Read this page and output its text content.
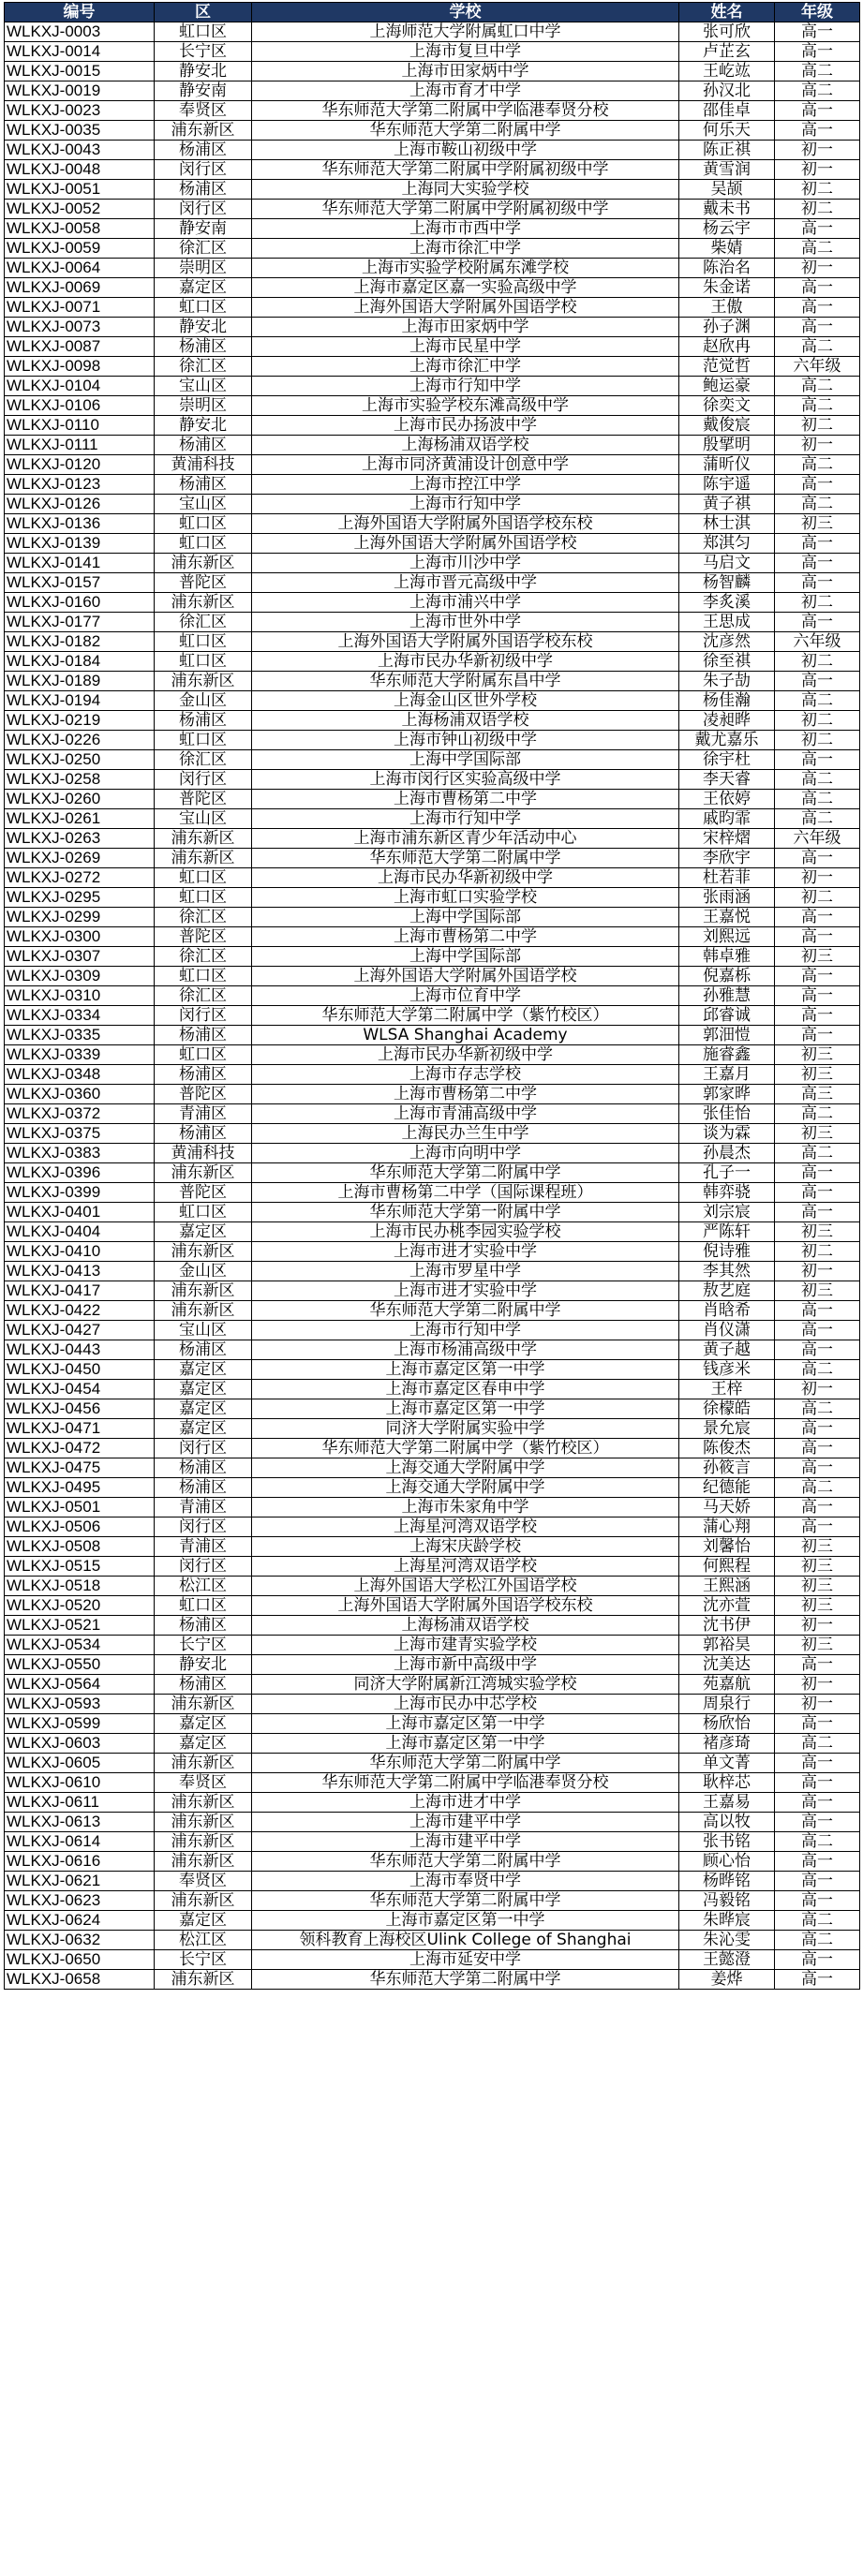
编号	区	学校	姓名	年级
WLKXJ-0003	虹口区	上海师范大学附属虹口中学	张可欣	高一
WLKXJ-0014	长宁区	上海市复旦中学	卢芷玄	高一
WLKXJ-0015	静安北	上海市田家炳中学	王屹竑	高二
WLKXJ-0019	静安南	上海市育才中学	孙汉北	高二
WLKXJ-0023	奉贤区	华东师范大学第二附属中学临港奉贤分校	邵佳卓	高一
WLKXJ-0035	浦东新区	华东师范大学第二附属中学	何乐天	高一
WLKXJ-0043	杨浦区	上海市鞍山初级中学	陈正祺	初一
WLKXJ-0048	闵行区	华东师范大学第二附属中学附属初级中学	黄雪润	初一
WLKXJ-0051	杨浦区	上海同大实验学校	吴颉	初二
WLKXJ-0052	闵行区	华东师范大学第二附属中学附属初级中学	戴未书	初二
WLKXJ-0058	静安南	上海市市西中学	杨云宇	高一
WLKXJ-0059	徐汇区	上海市徐汇中学	柴婧	高二
WLKXJ-0064	崇明区	上海市实验学校附属东滩学校	陈治名	初一
WLKXJ-0069	嘉定区	上海市嘉定区嘉一实验高级中学	朱金诺	高一
WLKXJ-0071	虹口区	上海外国语大学附属外国语学校	王傲	高一
WLKXJ-0073	静安北	上海市田家炳中学	孙子渊	高一
WLKXJ-0087	杨浦区	上海市民星中学	赵欣冉	高二
WLKXJ-0098	徐汇区	上海市徐汇中学	范觉哲	六年级
WLKXJ-0104	宝山区	上海市行知中学	鲍运豪	高二
WLKXJ-0106	崇明区	上海市实验学校东滩高级中学	徐奕文	高二
WLKXJ-0110	静安北	上海市民办扬波中学	戴俊宸	初二
WLKXJ-0111	杨浦区	上海杨浦双语学校	殷揅明	初一
WLKXJ-0120	黄浦科技	上海市同济黄浦设计创意中学	蒲昕仪	高二
WLKXJ-0123	杨浦区	上海市控江中学	陈宇遥	高一
WLKXJ-0126	宝山区	上海市行知中学	黄子祺	高二
WLKXJ-0136	虹口区	上海外国语大学附属外国语学校东校	林士淇	初三
WLKXJ-0139	虹口区	上海外国语大学附属外国语学校	郑淇匀	高一
WLKXJ-0141	浦东新区	上海市川沙中学	马启文	高一
WLKXJ-0157	普陀区	上海市晋元高级中学	杨智麟	高一
WLKXJ-0160	浦东新区	上海市浦兴中学	李炙溪	初二
WLKXJ-0177	徐汇区	上海市世外中学	王思成	高一
WLKXJ-0182	虹口区	上海外国语大学附属外国语学校东校	沈彦然	六年级
WLKXJ-0184	虹口区	上海市民办华新初级中学	徐至祺	初二
WLKXJ-0189	浦东新区	华东师范大学附属东昌中学	朱子劼	高一
WLKXJ-0194	金山区	上海金山区世外学校	杨佳瀚	高二
WLKXJ-0219	杨浦区	上海杨浦双语学校	凌昶晔	初二
WLKXJ-0226	虹口区	上海市钟山初级中学	戴尤嘉乐	初二
WLKXJ-0250	徐汇区	上海中学国际部	徐宇杜	高一
WLKXJ-0258	闵行区	上海市闵行区实验高级中学	李天睿	高二
WLKXJ-0260	普陀区	上海市曹杨第二中学	王依婷	高二
WLKXJ-0261	宝山区	上海市行知中学	戚昀霏	高二
WLKXJ-0263	浦东新区	上海市浦东新区青少年活动中心	宋梓熠	六年级
WLKXJ-0269	浦东新区	华东师范大学第二附属中学	李欣宇	高一
WLKXJ-0272	虹口区	上海市民办华新初级中学	杜若菲	初一
WLKXJ-0295	虹口区	上海市虹口实验学校	张雨涵	初二
WLKXJ-0299	徐汇区	上海中学国际部	王嘉悦	高一
WLKXJ-0300	普陀区	上海市曹杨第二中学	刘熙远	高一
WLKXJ-0307	徐汇区	上海中学国际部	韩卓雅	初三
WLKXJ-0309	虹口区	上海外国语大学附属外国语学校	倪嘉栎	高一
WLKXJ-0310	徐汇区	上海市位育中学	孙雅慧	高一
WLKXJ-0334	闵行区	华东师范大学第二附属中学（紫竹校区）	邱睿诚	高一
WLKXJ-0335	杨浦区	WLSA Shanghai Academy	郭沺愷	高一
WLKXJ-0339	虹口区	上海市民办华新初级中学	施睿鑫	初三
WLKXJ-0348	杨浦区	上海市存志学校	王嘉月	初三
WLKXJ-0360	普陀区	上海市曹杨第二中学	郭家晔	高三
WLKXJ-0372	青浦区	上海市青浦高级中学	张佳怡	高二
WLKXJ-0375	杨浦区	上海民办兰生中学	谈为霖	初三
WLKXJ-0383	黄浦科技	上海市向明中学	孙晨杰	高二
WLKXJ-0396	浦东新区	华东师范大学第二附属中学	孔子一	高一
WLKXJ-0399	普陀区	上海市曹杨第二中学（国际课程班）	韩弈骁	高一
WLKXJ-0401	虹口区	华东师范大学第一附属中学	刘宗宸	高一
WLKXJ-0404	嘉定区	上海市民办桃李园实验学校	严陈轩	初三
WLKXJ-0410	浦东新区	上海市进才实验中学	倪诗雅	初二
WLKXJ-0413	金山区	上海市罗星中学	李其然	初一
WLKXJ-0417	浦东新区	上海市进才实验中学	敖艺庭	初三
WLKXJ-0422	浦东新区	华东师范大学第二附属中学	肖晗希	高一
WLKXJ-0427	宝山区	上海市行知中学	肖仪潇	高一
WLKXJ-0443	杨浦区	上海市杨浦高级中学	黄子越	高一
WLKXJ-0450	嘉定区	上海市嘉定区第一中学	钱彦米	高二
WLKXJ-0454	嘉定区	上海市嘉定区春申中学	王梓	初一
WLKXJ-0456	嘉定区	上海市嘉定区第一中学	徐檬皓	高二
WLKXJ-0471	嘉定区	同济大学附属实验中学	景允宸	高一
WLKXJ-0472	闵行区	华东师范大学第二附属中学（紫竹校区）	陈俊杰	高一
WLKXJ-0475	杨浦区	上海交通大学附属中学	孙筱言	高一
WLKXJ-0495	杨浦区	上海交通大学附属中学	纪德能	高二
WLKXJ-0501	青浦区	上海市朱家角中学	马天娇	高一
WLKXJ-0506	闵行区	上海星河湾双语学校	蒲心翔	高一
WLKXJ-0508	青浦区	上海宋庆龄学校	刘馨怡	初三
WLKXJ-0515	闵行区	上海星河湾双语学校	何熙程	初三
WLKXJ-0518	松江区	上海外国语大学松江外国语学校	王熙涵	初三
WLKXJ-0520	虹口区	上海外国语大学附属外国语学校东校	沈亦萱	初三
WLKXJ-0521	杨浦区	上海杨浦双语学校	沈书伊	初一
WLKXJ-0534	长宁区	上海市建青实验学校	郭裕昊	初三
WLKXJ-0550	静安北	上海市新中高级中学	沈美达	高一
WLKXJ-0564	杨浦区	同济大学附属新江湾城实验学校	苑嘉航	初一
WLKXJ-0593	浦东新区	上海市民办中芯学校	周泉行	初一
WLKXJ-0599	嘉定区	上海市嘉定区第一中学	杨欣怡	高一
WLKXJ-0603	嘉定区	上海市嘉定区第一中学	褚彦琦	高二
WLKXJ-0605	浦东新区	华东师范大学第二附属中学	单文菁	高一
WLKXJ-0610	奉贤区	华东师范大学第二附属中学临港奉贤分校	耿梓芯	高一
WLKXJ-0611	浦东新区	上海市进才中学	王嘉易	高一
WLKXJ-0613	浦东新区	上海市建平中学	高以牧	高一
WLKXJ-0614	浦东新区	上海市建平中学	张书铭	高二
WLKXJ-0616	浦东新区	华东师范大学第二附属中学	顾心怡	高一
WLKXJ-0621	奉贤区	上海市奉贤中学	杨晔铭	高一
WLKXJ-0623	浦东新区	华东师范大学第二附属中学	冯毅铭	高一
WLKXJ-0624	嘉定区	上海市嘉定区第一中学	朱晔宸	高二
WLKXJ-0632	松江区	领科教育上海校区Ulink College of Shanghai	朱沁雯	高二
WLKXJ-0650	长宁区	上海市延安中学	王懿澄	高一
WLKXJ-0658	浦东新区	华东师范大学第二附属中学	姜烨	高一
